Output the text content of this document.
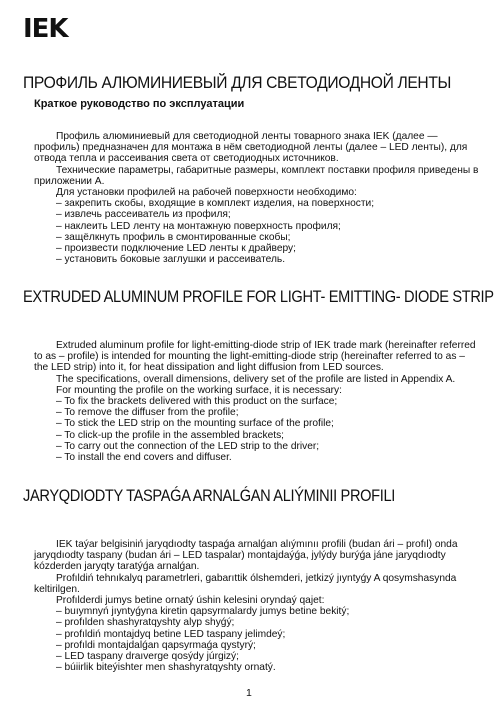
IEK
ПРОФИЛЬ АЛЮМИНИЕВЫЙ ДЛЯ СВЕТОДИОДНОЙ ЛЕНТЫ
Краткое руководство по эксплуатации

Профиль алюминиевый для светодиодной ленты товарного знака IEK (далее — профиль) предназначен для монтажа в нём светодиодной ленты (далее – LED ленты), для отвода тепла и рассеивания света от светодиодных источников.

Технические параметры, габаритные размеры, комплект поставки профиля приведены в приложении А.

Для установки профилей на рабочей поверхности необходимо:

– закрепить скобы, входящие в комплект изделия, на поверхности;
– извлечь рассеиватель из профиля;
– наклеить LED ленту на монтажную поверхность профиля;
– защёлкнуть профиль в смонтированные скобы;
– произвести подключение LED ленты к драйверу;
– установить боковые заглушки и рассеиватель.
EXTRUDED ALUMINUM PROFILE FOR LIGHT- EMITTING- DIODE STRIP

Extruded aluminum profile for light-emitting-diode strip of IEK trade mark (hereinafter referred to as – profile) is intended for mounting the light-emitting-diode strip (hereinafter referred to as – the LED strip) into it, for heat dissipation and light diffusion from LED sources.

The specifications, overall dimensions, delivery set of the profile are listed in Appendix A.

For mounting the profile on the working surface, it is necessary:

– To fix the brackets delivered with this product on the surface;
– To remove the diffuser from the profile;
– To stick the LED strip on the mounting surface of the profile;
– To click-up the profile in the assembled brackets;
– To carry out the connection of the LED strip to the driver;
– To install the end covers and diffuser.
JARYQDIODTY TASPAǴA ARNALǴAN ALIÝMINII PROFILI

IEK taýar belgisiniń jaryqdıodty taspaǵa arnalǵan alıýmınıı profili (budan ári – profıl) onda jaryqdıodty taspany (budan ári – LED taspalar) montajdaýǵa, jylýdy burýǵa jáne jaryqdıodty kózderden jaryqty taratýǵa arnalǵan.

Profıldiń tehnıkalyq parametrleri, gabarıttik ólshemderi, jetkizý jıyntyǵy A qosymshasynda keltirilgen.

Profılderdi jumys betine ornatý úshin kelesini oryndaý qajet:

– buıymnyń jıyntyǵyna kiretin qapsyrmalardy jumys betine bekitý;
– profılden shashyratqyshty alyp shyǵý;
– profıldiń montajdyq betine LED taspany jelimdeý;
– profıldi montajdalǵan qapsyrmaǵa qystyrý;
– LED taspany draıverge qosýdy júrgizý;
– búiirlik biteýishter men shashyratqyshty ornatý.
1
